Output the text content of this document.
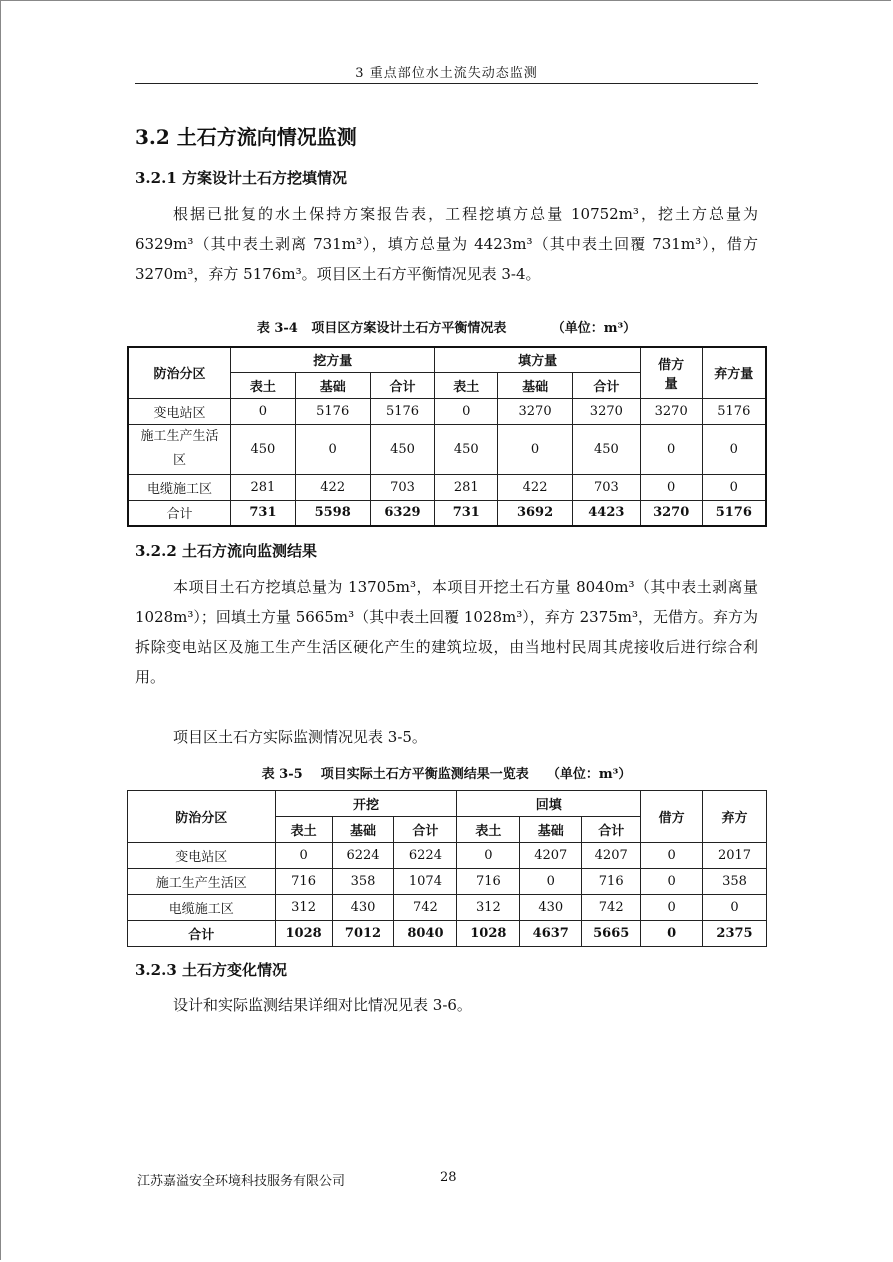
3 重点部位水土流失动态监测
3.2 土石方流向情况监测
3.2.1 方案设计土石方挖填情况

根据已批复的水土保持方案报告表，工程挖填方总量 10752m³，挖土方总量为 6329m³（其中表土剥离 731m³），填方总量为 4423m³（其中表土回覆 731m³），借方 3270m³，弃方 5176m³。项目区土石方平衡情况见表 3-4。

表 3-4   项目区方案设计土石方平衡情况表          （单位：m³）
防治分区	挖方量			填方量			借方量	弃方量
	表土	基础	合计	表土	基础	合计		
变电站区	0	5176	5176	0	3270	3270	3270	5176
施工生产生活区	450	0	450	450	0	450	0	0
电缆施工区	281	422	703	281	422	703	0	0
合计	731	5598	6329	731	3692	4423	3270	5176
3.2.2 土石方流向监测结果

本项目土石方挖填总量为 13705m³，本项目开挖土石方量 8040m³（其中表土剥离量 1028m³）；回填土方量 5665m³（其中表土回覆 1028m³），弃方 2375m³，无借方。弃方为拆除变电站区及施工生产生活区硬化产生的建筑垃圾，由当地村民周其虎接收后进行综合利用。

项目区土石方实际监测情况见表 3-5。

表 3-5    项目实际土石方平衡监测结果一览表    （单位：m³）
防治分区	开挖			回填			借方	弃方
	表土	基础	合计	表土	基础	合计		
变电站区	0	6224	6224	0	4207	4207	0	2017
施工生产生活区	716	358	1074	716	0	716	0	358
电缆施工区	312	430	742	312	430	742	0	0
合计	1028	7012	8040	1028	4637	5665	0	2375
3.2.3 土石方变化情况

设计和实际监测结果详细对比情况见表 3-6。

江苏嘉溢安全环境科技服务有限公司	28
